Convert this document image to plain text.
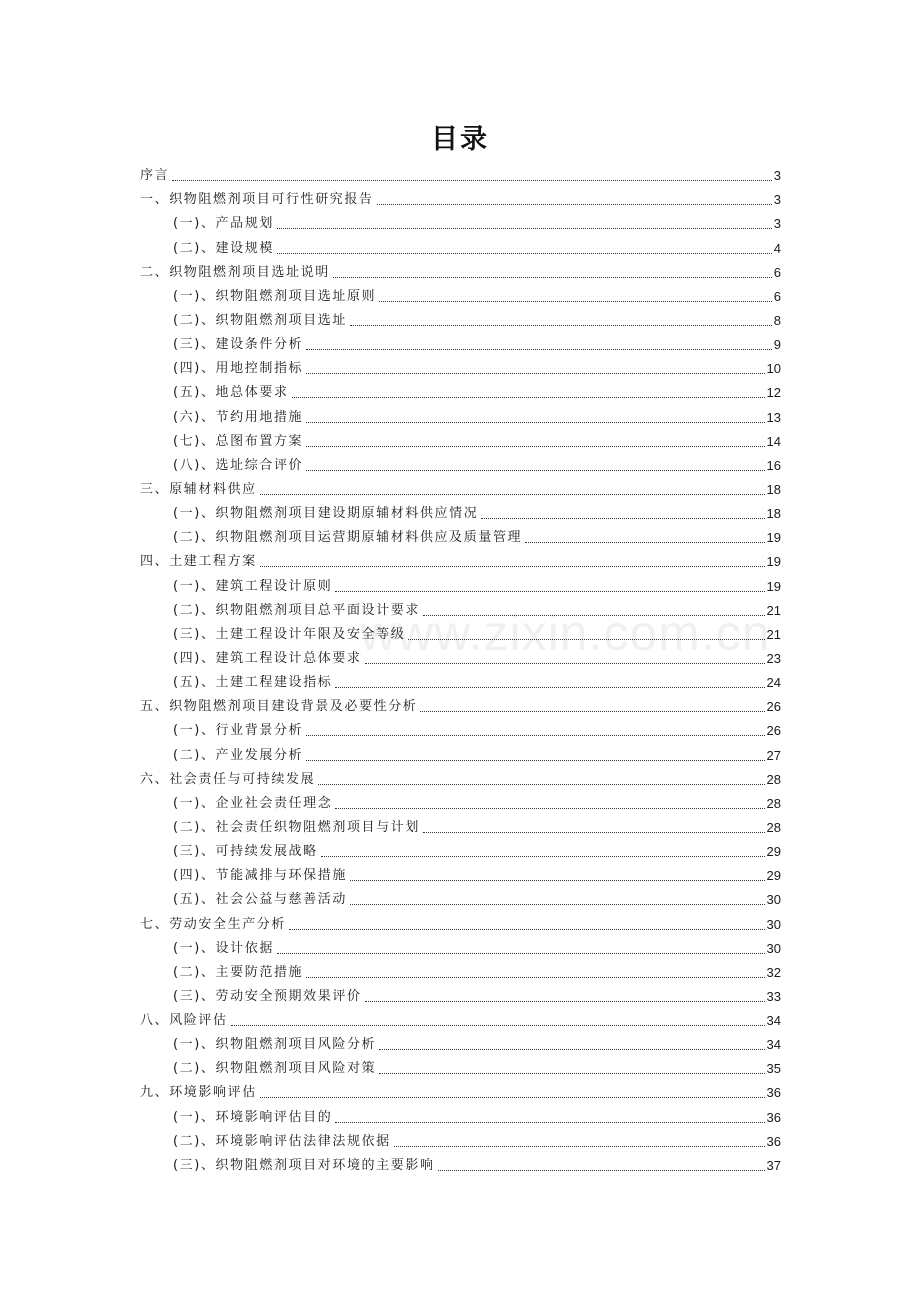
www.zixin.com.cn
目录
序言	3
一、织物阻燃剂项目可行性研究报告	3
(一)、产品规划	3
(二)、建设规模	4
二、织物阻燃剂项目选址说明	6
(一)、织物阻燃剂项目选址原则	6
(二)、织物阻燃剂项目选址	8
(三)、建设条件分析	9
(四)、用地控制指标	10
(五)、地总体要求	12
(六)、节约用地措施	13
(七)、总图布置方案	14
(八)、选址综合评价	16
三、原辅材料供应	18
(一)、织物阻燃剂项目建设期原辅材料供应情况	18
(二)、织物阻燃剂项目运营期原辅材料供应及质量管理	19
四、土建工程方案	19
(一)、建筑工程设计原则	19
(二)、织物阻燃剂项目总平面设计要求	21
(三)、土建工程设计年限及安全等级	21
(四)、建筑工程设计总体要求	23
(五)、土建工程建设指标	24
五、织物阻燃剂项目建设背景及必要性分析	26
(一)、行业背景分析	26
(二)、产业发展分析	27
六、社会责任与可持续发展	28
(一)、企业社会责任理念	28
(二)、社会责任织物阻燃剂项目与计划	28
(三)、可持续发展战略	29
(四)、节能减排与环保措施	29
(五)、社会公益与慈善活动	30
七、劳动安全生产分析	30
(一)、设计依据	30
(二)、主要防范措施	32
(三)、劳动安全预期效果评价	33
八、风险评估	34
(一)、织物阻燃剂项目风险分析	34
(二)、织物阻燃剂项目风险对策	35
九、环境影响评估	36
(一)、环境影响评估目的	36
(二)、环境影响评估法律法规依据	36
(三)、织物阻燃剂项目对环境的主要影响	37
